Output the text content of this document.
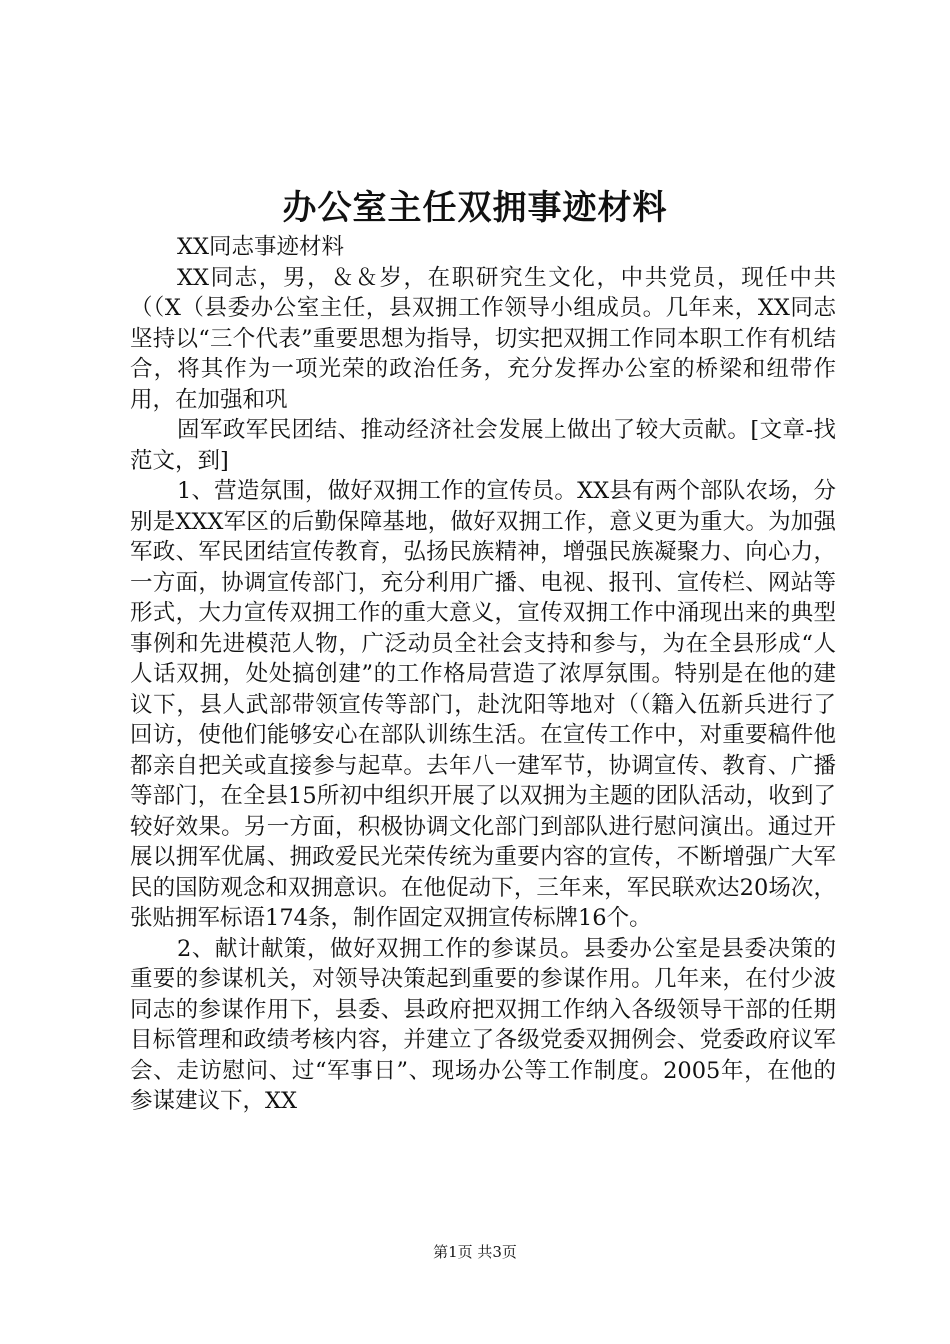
办公室主任双拥事迹材料

XX同志事迹材料

XX同志，男，＆＆岁，在职研究生文化，中共党员，现任中共（（X（县委办公室主任，县双拥工作领导小组成员。几年来，XX同志坚持以“三个代表”重要思想为指导，切实把双拥工作同本职工作有机结合，将其作为一项光荣的政治任务，充分发挥办公室的桥梁和纽带作用，在加强和巩

固军政军民团结、推动经济社会发展上做出了较大贡献。[文章-找范文，到]

1、营造氛围，做好双拥工作的宣传员。XX县有两个部队农场，分别是XXX军区的后勤保障基地，做好双拥工作，意义更为重大。为加强军政、军民团结宣传教育，弘扬民族精神，增强民族凝聚力、向心力，一方面，协调宣传部门，充分利用广播、电视、报刊、宣传栏、网站等形式，大力宣传双拥工作的重大意义，宣传双拥工作中涌现出来的典型事例和先进模范人物，广泛动员全社会支持和参与，为在全县形成“人人话双拥，处处搞创建”的工作格局营造了浓厚氛围。特别是在他的建议下，县人武部带领宣传等部门，赴沈阳等地对（（籍入伍新兵进行了回访，使他们能够安心在部队训练生活。在宣传工作中，对重要稿件他都亲自把关或直接参与起草。去年八一建军节，协调宣传、教育、广播等部门，在全县15所初中组织开展了以双拥为主题的团队活动，收到了较好效果。另一方面，积极协调文化部门到部队进行慰问演出。通过开展以拥军优属、拥政爱民光荣传统为重要内容的宣传，不断增强广大军民的国防观念和双拥意识。在他促动下，三年来，军民联欢达20场次，张贴拥军标语174条，制作固定双拥宣传标牌16个。

2、献计献策，做好双拥工作的参谋员。县委办公室是县委决策的重要的参谋机关，对领导决策起到重要的参谋作用。几年来，在付少波同志的参谋作用下，县委、县政府把双拥工作纳入各级领导干部的任期目标管理和政绩考核内容，并建立了各级党委双拥例会、党委政府议军会、走访慰问、过“军事日”、现场办公等工作制度。2005年，在他的参谋建议下，XX

第1页 共3页
